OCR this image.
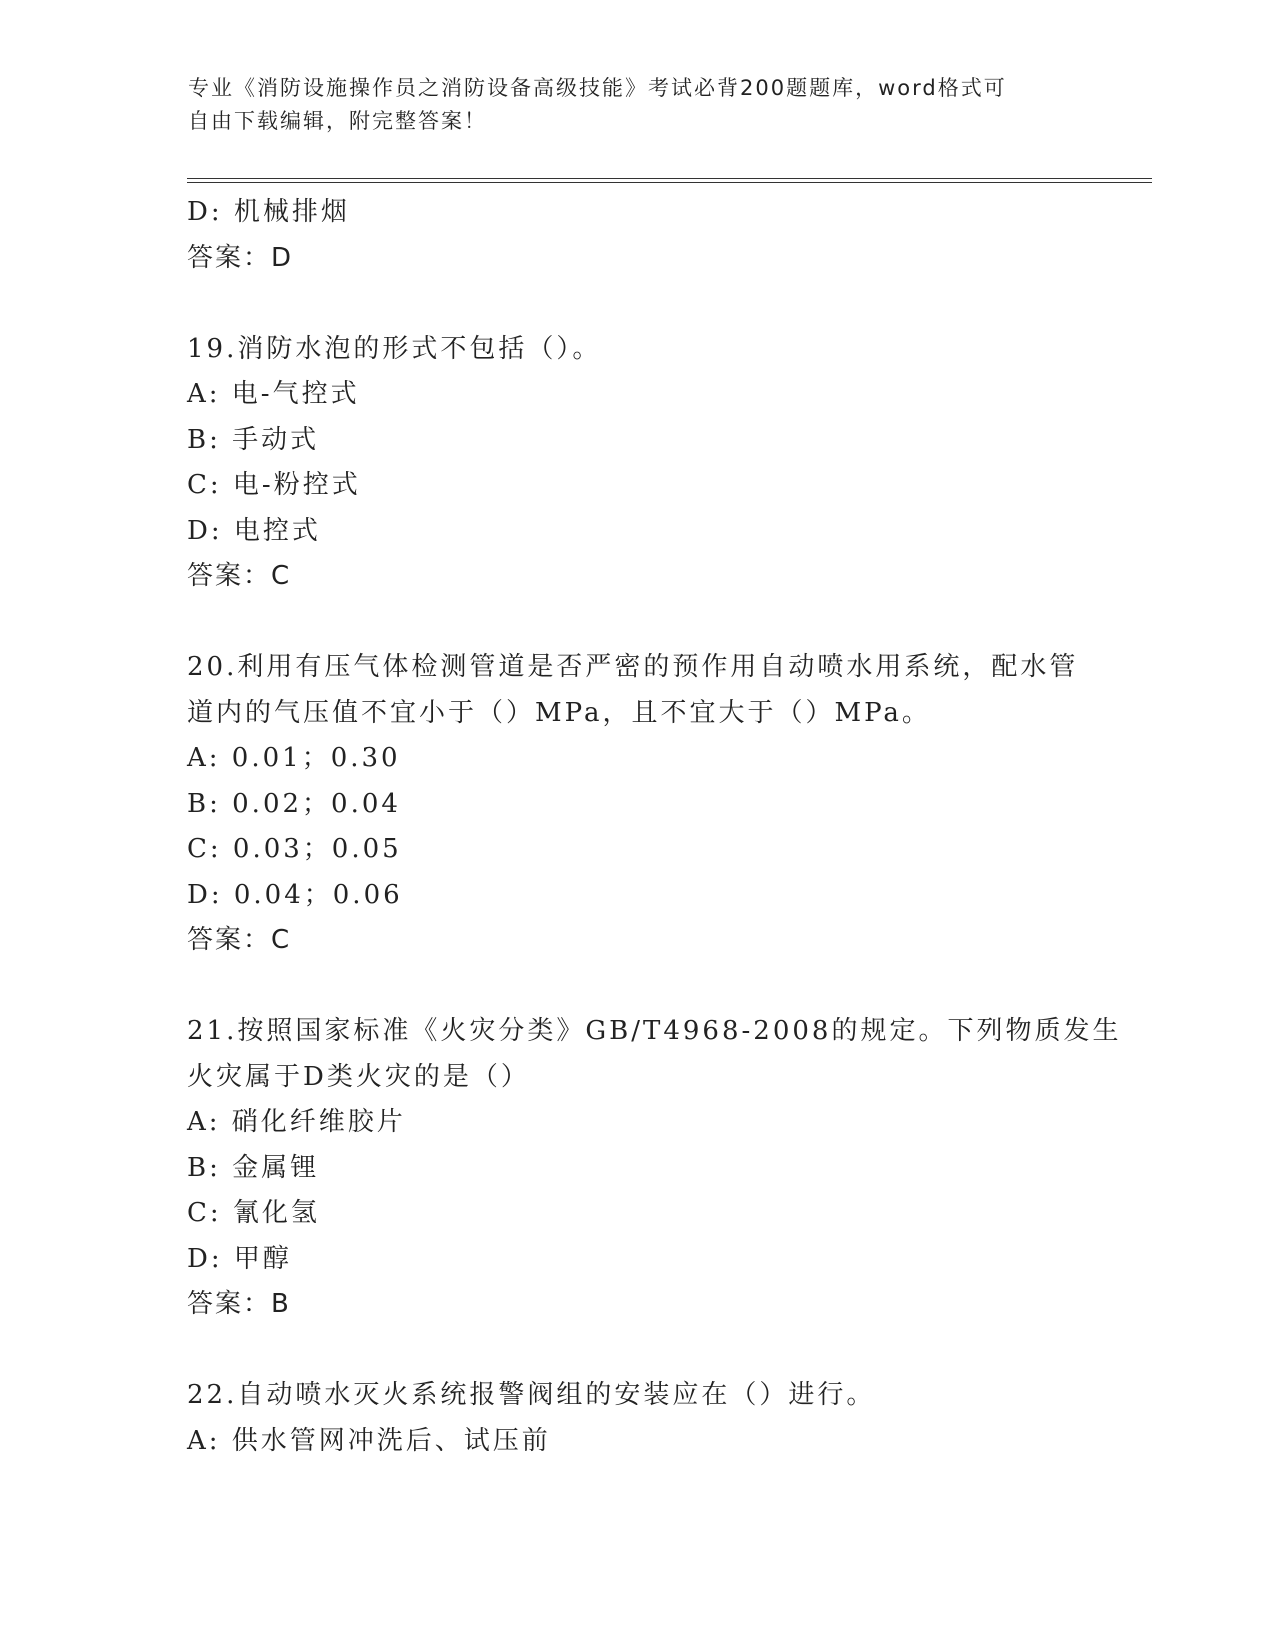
专业《消防设施操作员之消防设备高级技能》考试必背200题题库，word格式可

自由下载编辑，附完整答案！

D: 机械排烟

答案：D

19.消防水泡的形式不包括（）。

A: 电-气控式

B: 手动式

C: 电-粉控式

D: 电控式

答案：C

20.利用有压气体检测管道是否严密的预作用自动喷水用系统，配水管

道内的气压值不宜小于（）MPa，且不宜大于（）MPa。

A: 0.01；0.30

B: 0.02；0.04

C: 0.03；0.05

D: 0.04；0.06

答案：C

21.按照国家标准《火灾分类》GB/T4968-2008的规定。下列物质发生

火灾属于D类火灾的是（）

A: 硝化纤维胶片

B: 金属锂

C: 氰化氢

D: 甲醇

答案：B

22.自动喷水灭火系统报警阀组的安装应在（）进行。

A: 供水管网冲洗后、试压前
